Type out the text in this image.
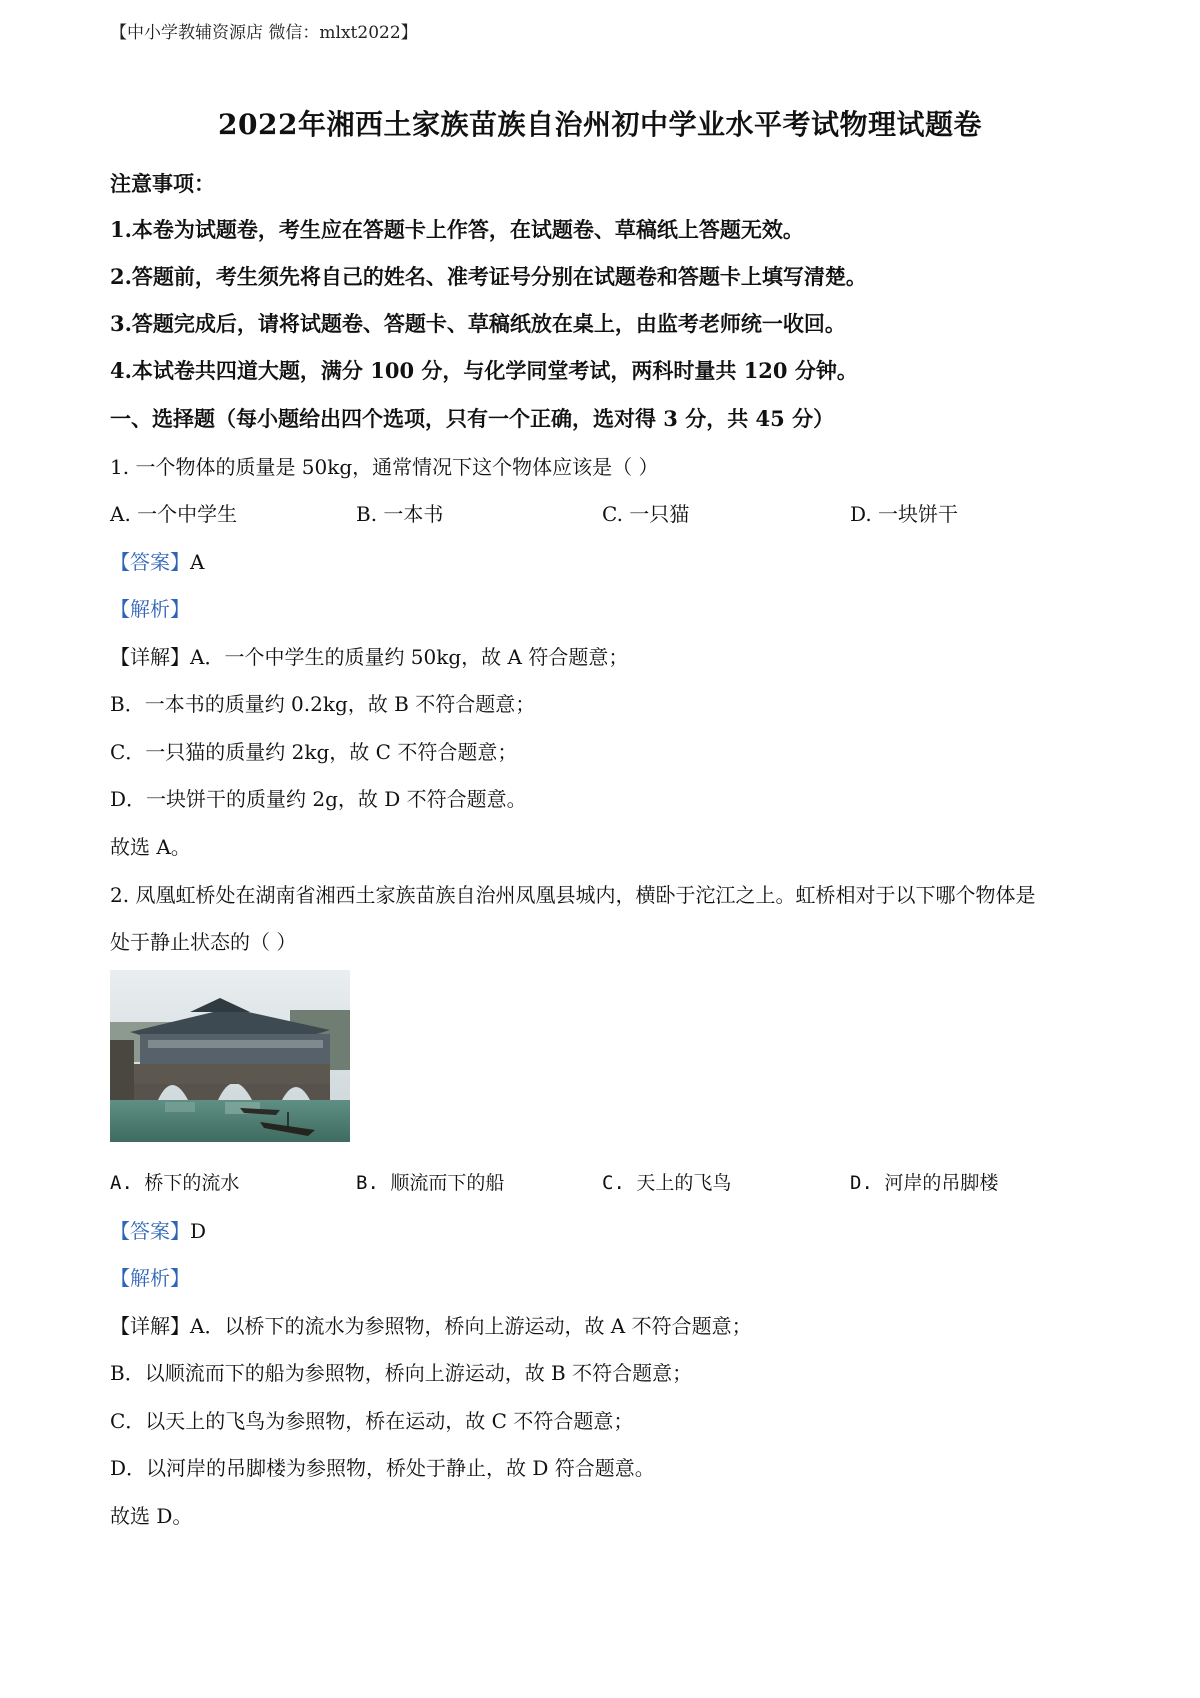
【中小学教辅资源店 微信：mlxt2022】
2022年湘西土家族苗族自治州初中学业水平考试物理试题卷
注意事项：
1.本卷为试题卷，考生应在答题卡上作答，在试题卷、草稿纸上答题无效。
2.答题前，考生须先将自己的姓名、准考证号分别在试题卷和答题卡上填写清楚。
3.答题完成后，请将试题卷、答题卡、草稿纸放在桌上，由监考老师统一收回。
4.本试卷共四道大题，满分 100 分，与化学同堂考试，两科时量共 120 分钟。
一、选择题（每小题给出四个选项，只有一个正确，选对得 3 分，共 45 分）
1. 一个物体的质量是 50kg，通常情况下这个物体应该是（ ）
A. 一个中学生	B. 一本书	C. 一只猫	D. 一块饼干
【答案】A
【解析】
【详解】A．一个中学生的质量约 50kg，故 A 符合题意；
B．一本书的质量约 0.2kg，故 B 不符合题意；
C．一只猫的质量约 2kg，故 C 不符合题意；
D．一块饼干的质量约 2g，故 D 不符合题意。
故选 A。
2. 凤凰虹桥处在湖南省湘西土家族苗族自治州凤凰县城内，横卧于沱江之上。虹桥相对于以下哪个物体是
处于静止状态的（ ）
A. 桥下的流水	B. 顺流而下的船	C. 天上的飞鸟	D. 河岸的吊脚楼
【答案】D
【解析】
【详解】A．以桥下的流水为参照物，桥向上游运动，故 A 不符合题意；
B．以顺流而下的船为参照物，桥向上游运动，故 B 不符合题意；
C．以天上的飞鸟为参照物，桥在运动，故 C 不符合题意；
D．以河岸的吊脚楼为参照物，桥处于静止，故 D 符合题意。
故选 D。
